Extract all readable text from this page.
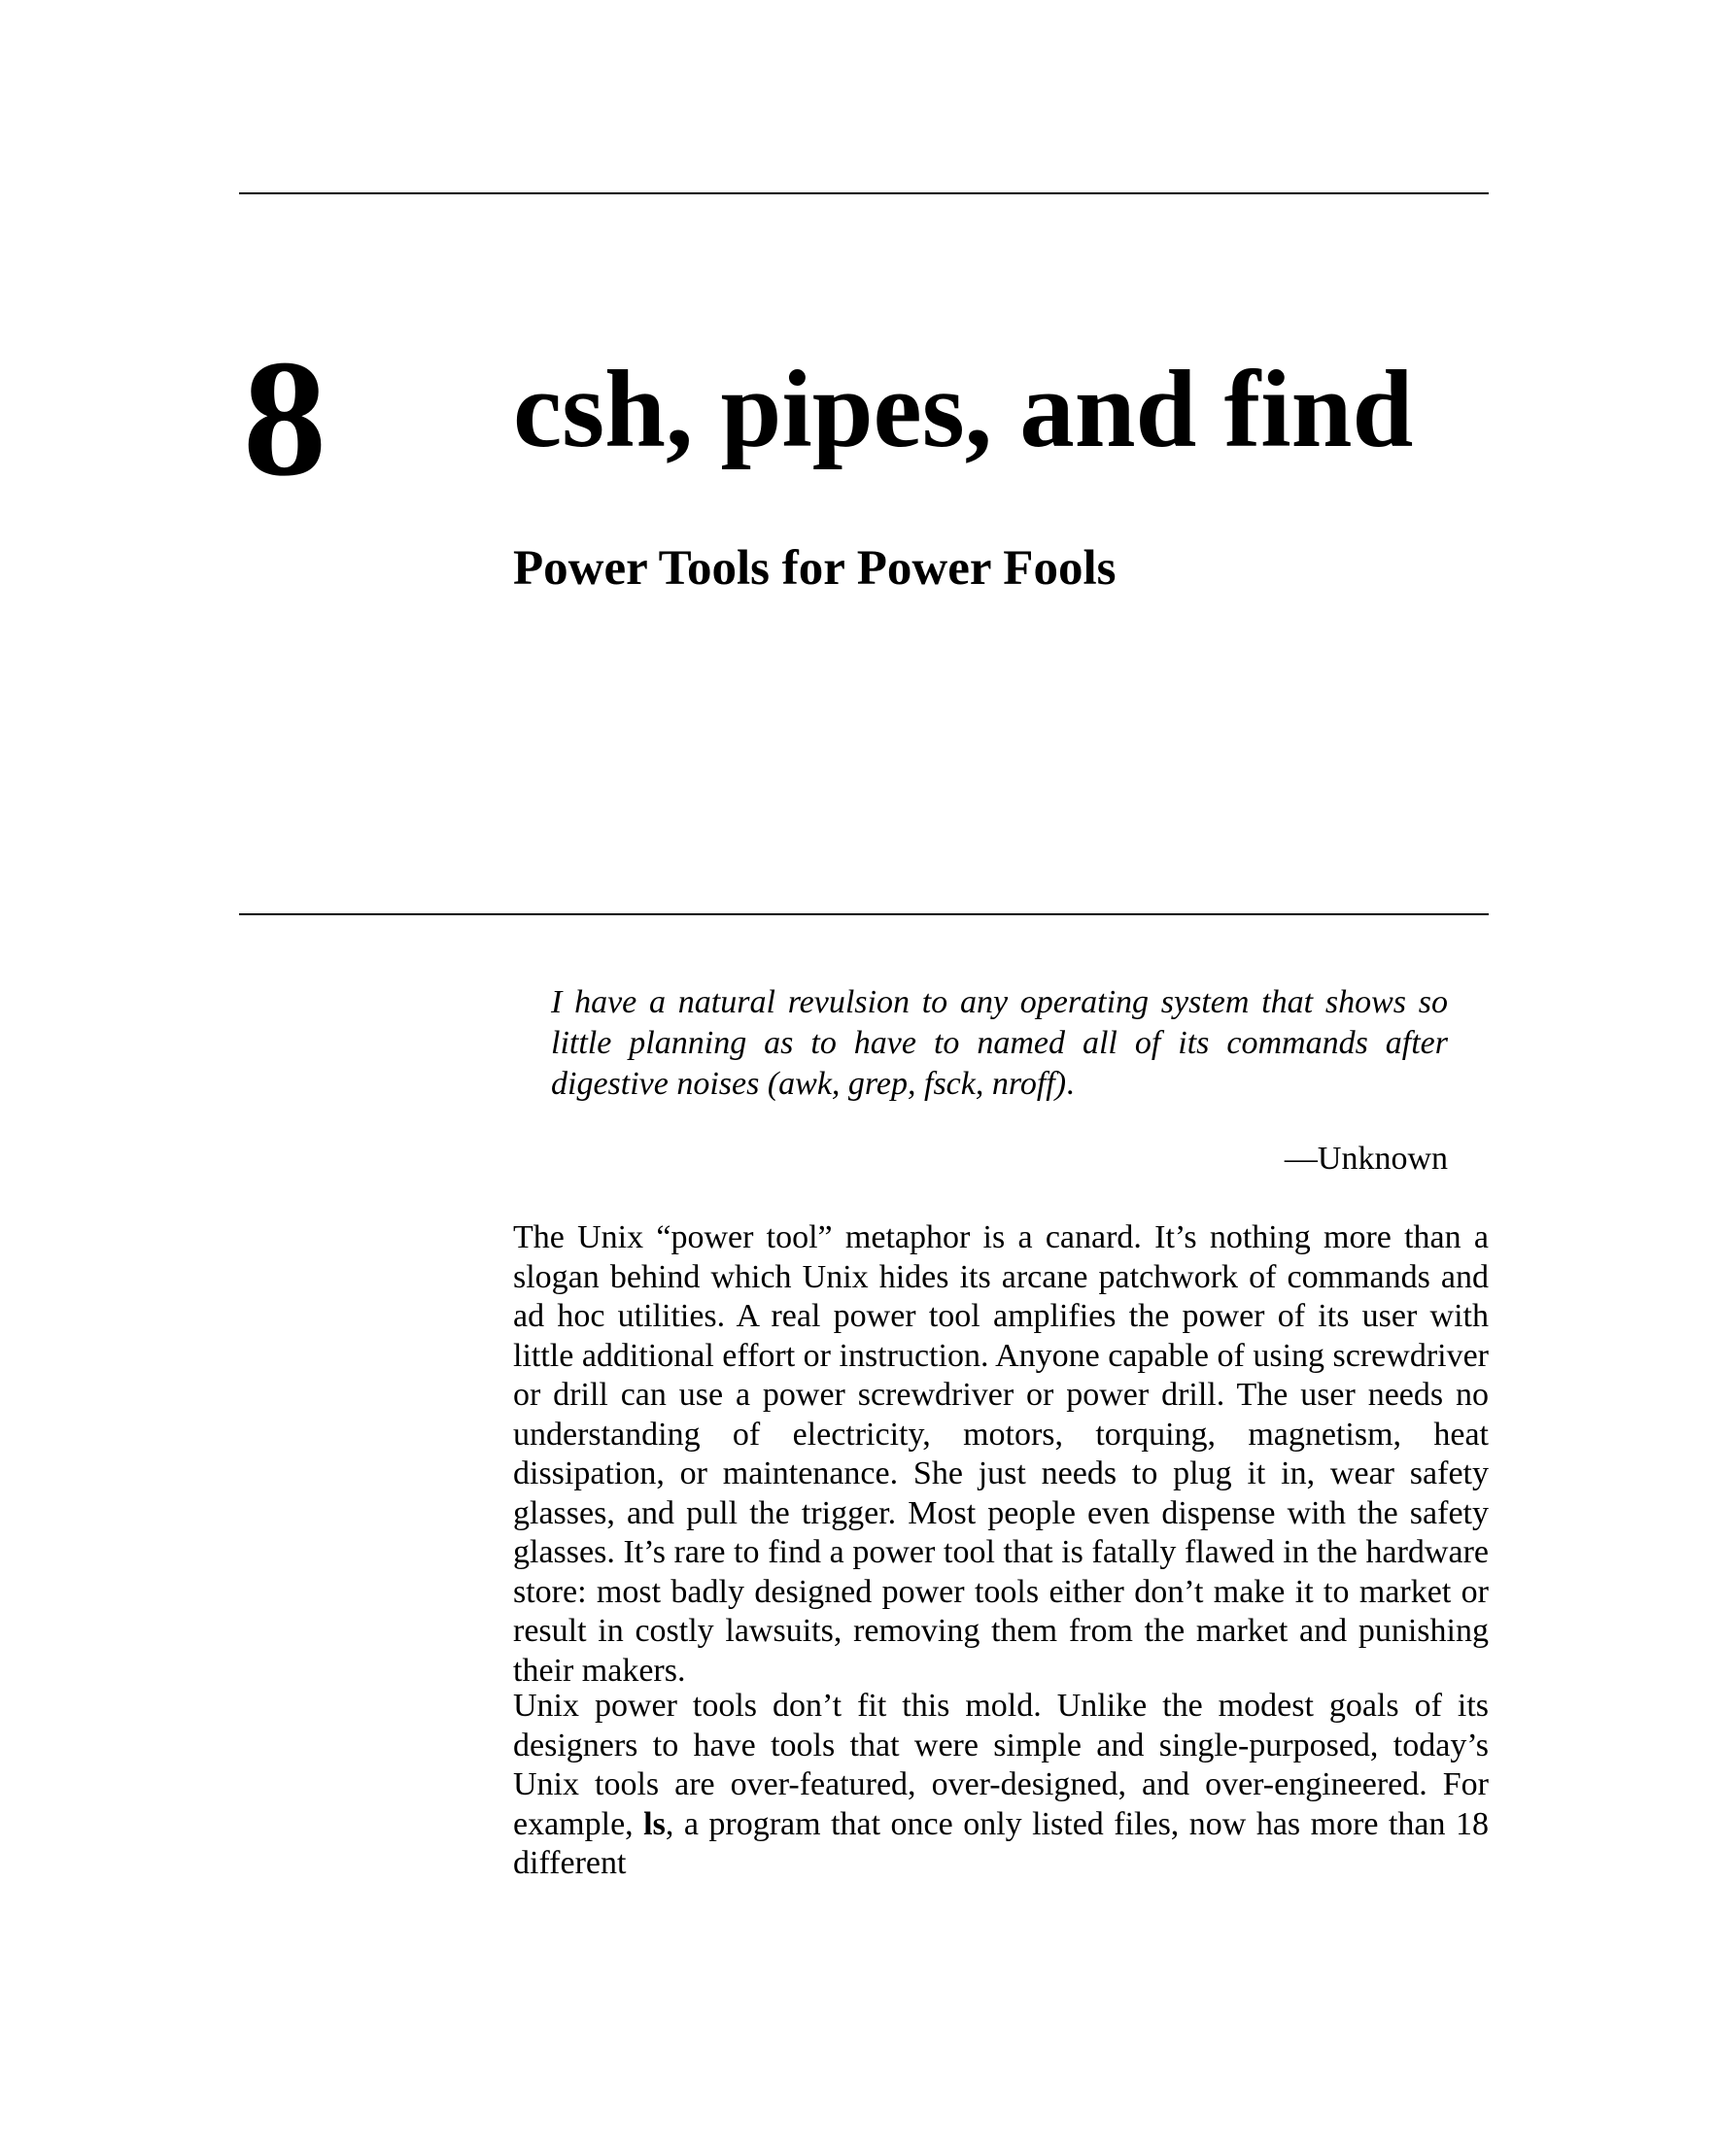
8 csh, pipes, and find
Power Tools for Power Fools

I have a natural revulsion to any operating system that shows so little planning as to have to named all of its commands after digestive noises (awk, grep, fsck, nroff).

—Unknown

The Unix “power tool” metaphor is a canard. It’s nothing more than a slogan behind which Unix hides its arcane patchwork of commands and ad hoc utilities. A real power tool amplifies the power of its user with little additional effort or instruction. Anyone capable of using screwdriver or drill can use a power screwdriver or power drill. The user needs no understanding of electricity, motors, torquing, magnetism, heat dissipation, or maintenance. She just needs to plug it in, wear safety glasses, and pull the trigger. Most people even dispense with the safety glasses. It’s rare to find a power tool that is fatally flawed in the hardware store: most badly designed power tools either don’t make it to market or result in costly lawsuits, removing them from the market and punishing their makers.

Unix power tools don’t fit this mold. Unlike the modest goals of its designers to have tools that were simple and single-purposed, today’s Unix tools are over-featured, over-designed, and over-engineered. For example, ls, a program that once only listed files, now has more than 18 different
